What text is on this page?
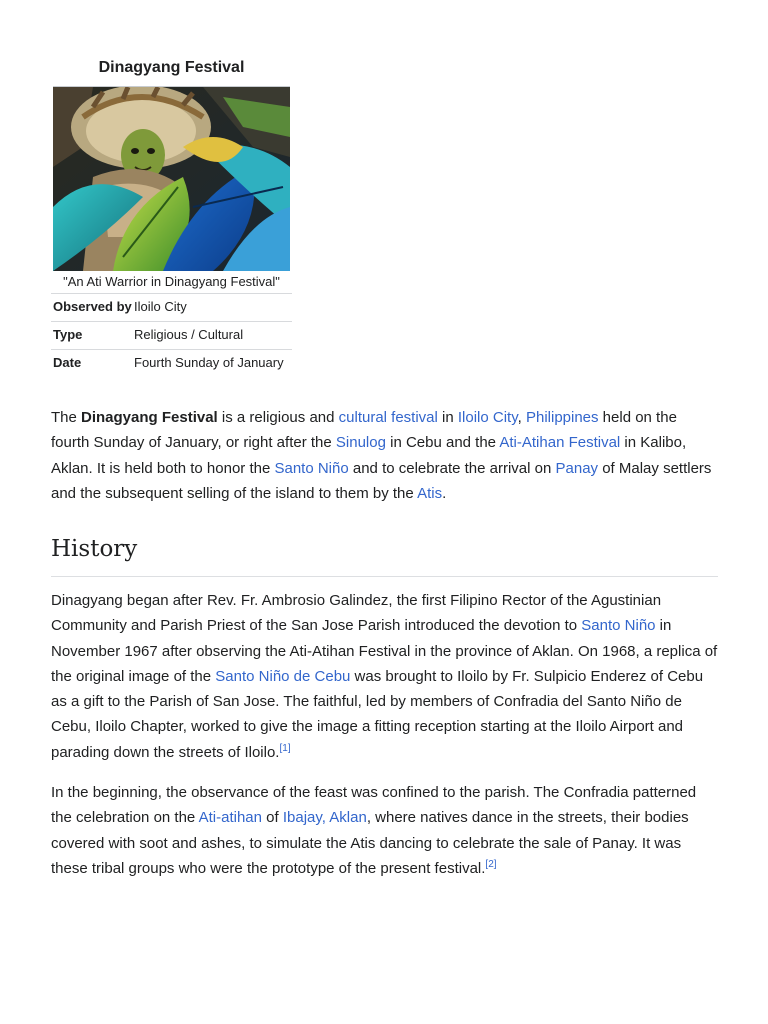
Dinagyang Festival
"An Ati Warrior in Dinagyang Festival"
Observed by Iloilo City
Type	Religious / Cultural
Date	Fourth Sunday of January

The Dinagyang Festival is a religious and cultural festival in Iloilo City, Philippines held on the fourth Sunday of January, or right after the Sinulog in Cebu and the Ati-Atihan Festival in Kalibo, Aklan. It is held both to honor the Santo Niño and to celebrate the arrival on Panay of Malay settlers and the subsequent selling of the island to them by the Atis.

History

Dinagyang began after Rev. Fr. Ambrosio Galindez, the first Filipino Rector of the Agustinian Community and Parish Priest of the San Jose Parish introduced the devotion to Santo Niño in November 1967 after observing the Ati-Atihan Festival in the province of Aklan. On 1968, a replica of the original image of the Santo Niño de Cebu was brought to Iloilo by Fr. Sulpicio Enderez of Cebu as a gift to the Parish of San Jose. The faithful, led by members of Confradia del Santo Niño de Cebu, Iloilo Chapter, worked to give the image a fitting reception starting at the Iloilo Airport and parading down the streets of Iloilo.[1]

In the beginning, the observance of the feast was confined to the parish. The Confradia patterned the celebration on the Ati-atihan of Ibajay, Aklan, where natives dance in the streets, their bodies covered with soot and ashes, to simulate the Atis dancing to celebrate the sale of Panay. It was these tribal groups who were the prototype of the present festival.[2]
